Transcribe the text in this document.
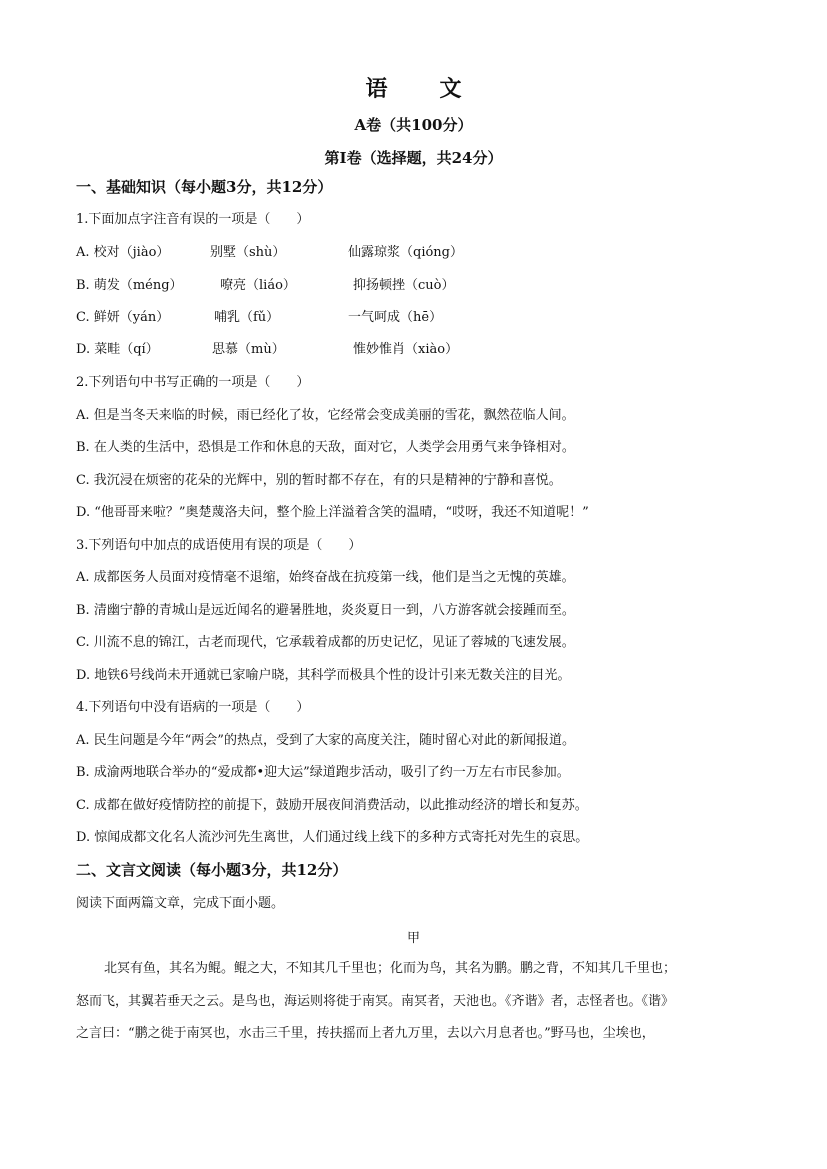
语 文
A卷（共100分）
第Ⅰ卷（选择题，共24分）
一、基础知识（每小题3分，共12分）
1.下面加点字注音有误的一项是（　　）
A. 校对（jiào）	别墅（shù）	仙露琼浆（qióng）
B. 萌发（méng）	嘹亮（liáo）	抑扬顿挫（cuò）
C. 鲜妍（yán）	哺乳（fǔ）	一气呵成（hē）
D. 菜畦（qí）	思慕（mù）	惟妙惟肖（xiào）
2.下列语句中书写正确的一项是（　　）
A. 但是当冬天来临的时候，雨已经化了妆，它经常会变成美丽的雪花，飘然莅临人间。
B. 在人类的生活中，恐惧是工作和休息的天敌，面对它，人类学会用勇气来争锋相对。
C. 我沉浸在烦密的花朵的光辉中，别的暂时都不存在，有的只是精神的宁静和喜悦。
D. “他哥哥来啦？”奥楚蔑洛夫问，整个脸上洋溢着含笑的温晴，“哎呀，我还不知道呢！”
3.下列语句中加点的成语使用有误的项是（　　）
A. 成都医务人员面对疫情毫不退缩，始终奋战在抗疫第一线，他们是当之无愧的英雄。
B. 清幽宁静的青城山是远近闻名的避暑胜地，炎炎夏日一到，八方游客就会接踵而至。
C. 川流不息的锦江，古老而现代，它承载着成都的历史记忆，见证了蓉城的飞速发展。
D. 地铁6号线尚未开通就已家喻户晓，其科学而极具个性的设计引来无数关注的目光。
4.下列语句中没有语病的一项是（　　）
A. 民生问题是今年“两会”的热点，受到了大家的高度关注，随时留心对此的新闻报道。
B. 成渝两地联合举办的“爱成都•迎大运”绿道跑步活动，吸引了约一万左右市民参加。
C. 成都在做好疫情防控的前提下，鼓励开展夜间消费活动，以此推动经济的增长和复苏。
D. 惊闻成都文化名人流沙河先生离世，人们通过线上线下的多种方式寄托对先生的哀思。
二、文言文阅读（每小题3分，共12分）
阅读下面两篇文章，完成下面小题。
甲
北冥有鱼，其名为鲲。鲲之大，不知其几千里也；化而为鸟，其名为鹏。鹏之背，不知其几千里也；
怒而飞，其翼若垂天之云。是鸟也，海运则将徙于南冥。南冥者，天池也。《齐谐》者，志怪者也。《谐》
之言曰：“鹏之徙于南冥也，水击三千里，抟扶摇而上者九万里，去以六月息者也。”野马也，尘埃也，
